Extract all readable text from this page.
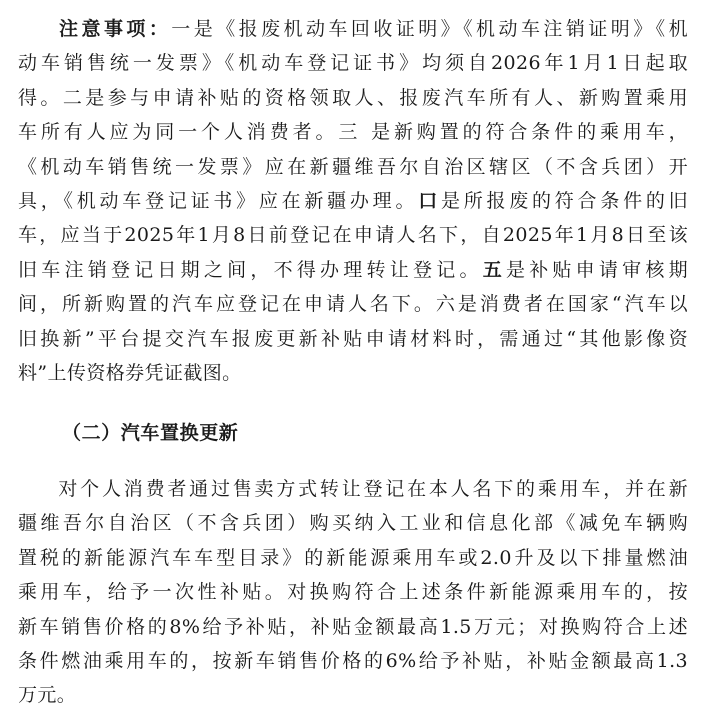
注意事项：一是《报废机动车回收证明》《机动车注销证明》《机
动车销售统一发票》《机动车登记证书》均须自2026年1月1日起取
得。二是参与申请补贴的资格领取人、报废汽车所有人、新购置乘用
车所有人应为同一个人消费者。三 是新购置的符合条件的乘用车，
《机动车销售统一发票》应在新疆维吾尔自治区辖区（不含兵团）开
具，《机动车登记证书》应在新疆办理。口是所报废的符合条件的旧
车，应当于2025年1月8日前登记在申请人名下，自2025年1月8日至该
旧车注销登记日期之间，不得办理转让登记。五是补贴申请审核期
间，所新购置的汽车应登记在申请人名下。六是消费者在国家“汽车以
旧换新”平台提交汽车报废更新补贴申请材料时，需通过“其他影像资
料”上传资格券凭证截图。
（二）汽车置换更新
对个人消费者通过售卖方式转让登记在本人名下的乘用车，并在新
疆维吾尔自治区（不含兵团）购买纳入工业和信息化部《减免车辆购
置税的新能源汽车车型目录》的新能源乘用车或2.0升及以下排量燃油
乘用车，给予一次性补贴。对换购符合上述条件新能源乘用车的，按
新车销售价格的8%给予补贴，补贴金额最高1.5万元；对换购符合上述
条件燃油乘用车的，按新车销售价格的6%给予补贴，补贴金额最高1.3
万元。
